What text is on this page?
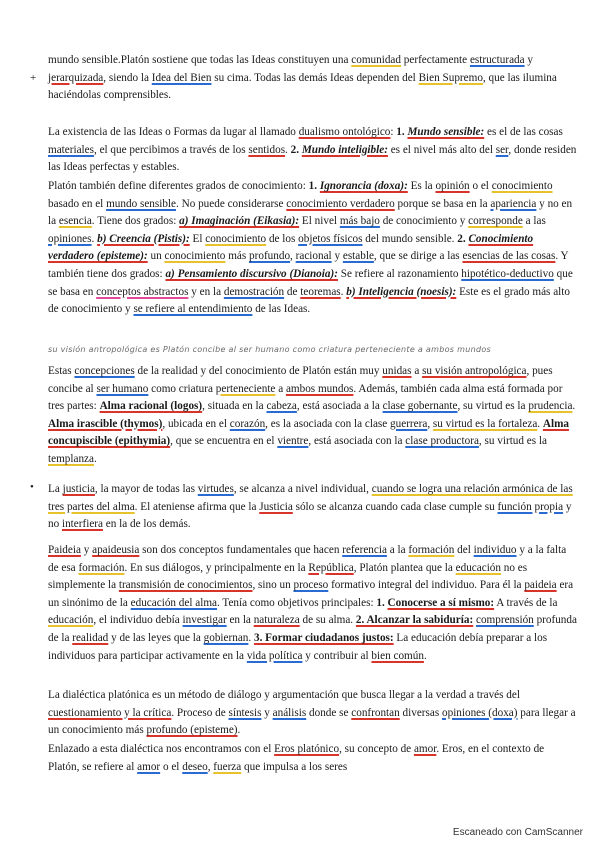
+
•
su visión antropológica es Platón concibe al ser humano como criatura perteneciente a ambos mundos

mundo sensible.Platón sostiene que todas las Ideas constituyen una comunidad perfectamente estructurada y jerarquizada, siendo la Idea del Bien su cima. Todas las demás Ideas dependen del Bien Supremo, que las ilumina haciéndolas comprensibles.

La existencia de las Ideas o Formas da lugar al llamado dualismo ontológico: 1. Mundo sensible: es el de las cosas materiales, el que percibimos a través de los sentidos. 2. Mundo inteligible: es el nivel más alto del ser, donde residen las Ideas perfectas y estables.

Platón también define diferentes grados de conocimiento: 1. Ignorancia (doxa): Es la opinión o el conocimiento basado en el mundo sensible. No puede considerarse conocimiento verdadero porque se basa en la apariencia y no en la esencia. Tiene dos grados: a) Imaginación (Eikasia): El nivel más bajo de conocimiento y corresponde a las opiniones. b) Creencia (Pistis): El conocimiento de los objetos físicos del mundo sensible. 2. Conocimiento verdadero (episteme): un conocimiento más profundo, racional y estable, que se dirige a las esencias de las cosas. Y también tiene dos grados: a) Pensamiento discursivo (Dianoia): Se refiere al razonamiento hipotético-deductivo que se basa en conceptos abstractos y en la demostración de teoremas. b) Inteligencia (noesis): Este es el grado más alto de conocimiento y se refiere al entendimiento de las Ideas.

Estas concepciones de la realidad y del conocimiento de Platón están muy unidas a su visión antropológica, pues concibe al ser humano como criatura perteneciente a ambos mundos. Además, también cada alma está formada por tres partes: Alma racional (logos), situada en la cabeza, está asociada a la clase gobernante, su virtud es la prudencia. Alma irascible (thymos), ubicada en el corazón, es la asociada con la clase guerrera, su virtud es la fortaleza. Alma concupiscible (epithymia), que se encuentra en el vientre, está asociada con la clase productora, su virtud es la templanza.

La justicia, la mayor de todas las virtudes, se alcanza a nivel individual, cuando se logra una relación armónica de las tres partes del alma. El ateniense afirma que la Justicia sólo se alcanza cuando cada clase cumple su función propia y no interfiera en la de los demás.

Paideia y apaideusia son dos conceptos fundamentales que hacen referencia a la formación del individuo y a la falta de esa formación. En sus diálogos, y principalmente en la República, Platón plantea que la educación no es simplemente la transmisión de conocimientos, sino un proceso formativo integral del individuo. Para él la paideia era un sinónimo de la educación del alma. Tenía como objetivos principales: 1. Conocerse a sí mismo: A través de la educación, el individuo debía investigar en la naturaleza de su alma. 2. Alcanzar la sabiduría: comprensión profunda de la realidad y de las leyes que la gobiernan. 3. Formar ciudadanos justos: La educación debía preparar a los individuos para participar activamente en la vida política y contribuir al bien común.

La dialéctica platónica es un método de diálogo y argumentación que busca llegar a la verdad a través del cuestionamiento y la crítica. Proceso de síntesis y análisis donde se confrontan diversas opiniones (doxa) para llegar a un conocimiento más profundo (episteme).

Enlazado a esta dialéctica nos encontramos con el Eros platónico, su concepto de amor. Eros, en el contexto de Platón, se refiere al amor o el deseo, fuerza que impulsa a los seres

Escaneado con CamScanner
